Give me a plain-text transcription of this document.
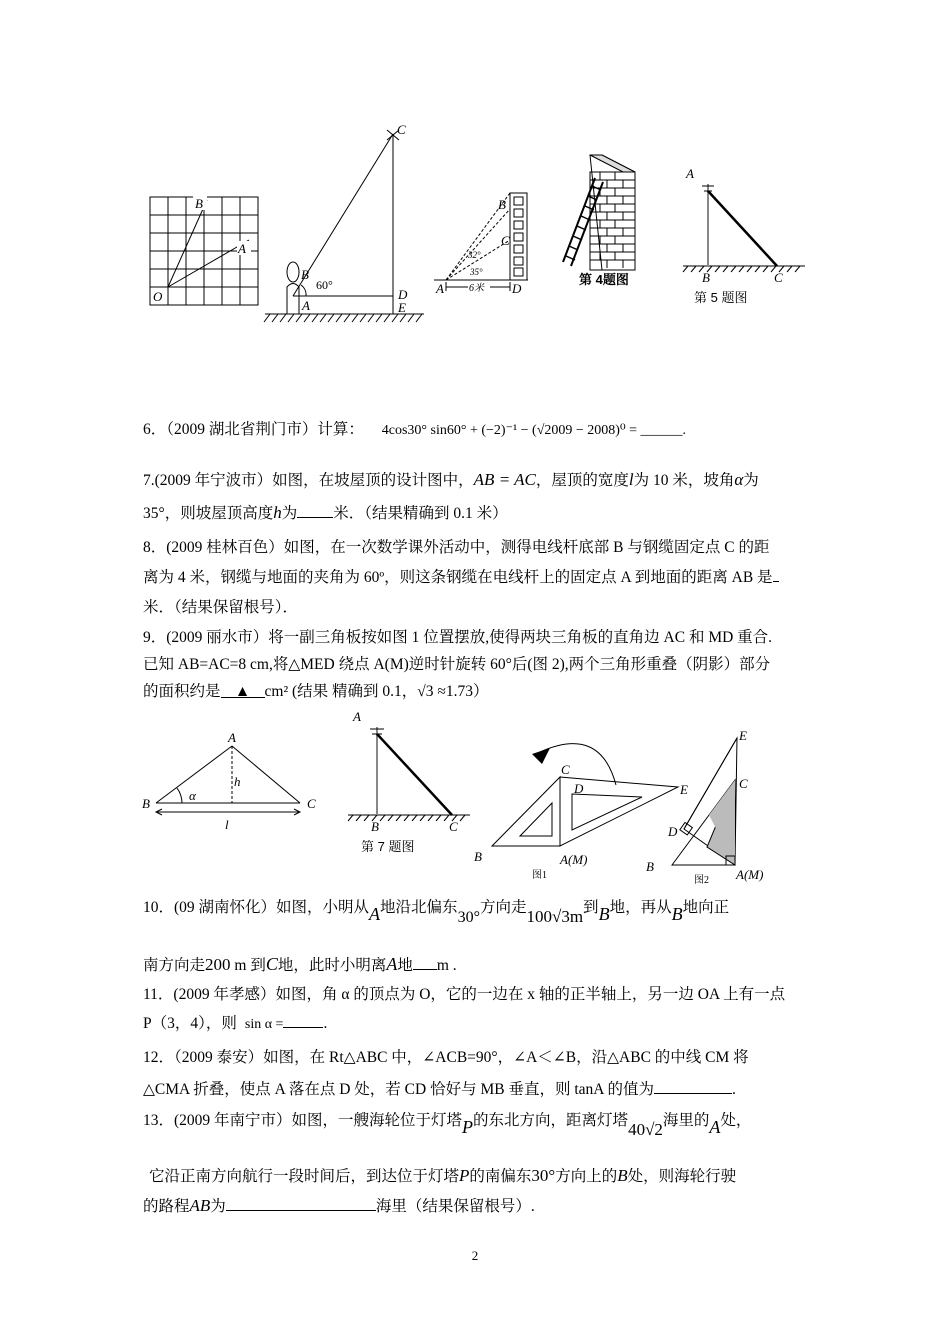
B
A
O
C
B
A
D
E
60°
B
C
A	D
32°
35°
6米
第 4题图
A
B	C
第 5 题图
6．（2009 湖北省荆门市）计算： 4cos30° sin60° + (−2)⁻¹ − (√2009 − 2008)⁰ = ______.
7.(2009 年宁波市）如图，在坡屋顶的设计图中，AB = AC，屋顶的宽度l为 10 米，坡角α为
35°，则坡屋顶高度h为 米．（结果精确到 0.1 米）
8．(2009 桂林百色）如图，在一次数学课外活动中，测得电线杆底部 B 与钢缆固定点 C 的距
离为 4 米，钢缆与地面的夹角为 60º，则这条钢缆在电线杆上的固定点 A 到地面的距离 AB 是
米．（结果保留根号）．
9．(2009 丽水市）将一副三角板按如图 1 位置摆放,使得两块三角板的直角边 AC 和 MD 重合.
已知 AB=AC=8 cm,将△MED 绕点 A(M)逆时针旋转 60°后(图 2),两个三角形重叠（阴影）部分
的面积约是 ▲ cm² (结果 精确到 0.1，√3 ≈1.73）
B
A
C
α
h
l
A
B	C
第 7 题图
C
D	E
B	A(M)
图1
E
C
D
B
A(M)
图2
10．(09 湖南怀化）如图，小明从A地沿北偏东30°方向走100√3m到B地，再从B地向正
南方向走200 m 到C地，此时小明离A地 m .
11．(2009 年孝感）如图，角 α 的顶点为 O，它的一边在 x 轴的正半轴上，另一边 OA 上有一点
P（3，4），则 sin α =	.
12．（2009 泰安）如图，在 Rt△ABC 中，∠ACB=90°，∠A＜∠B，沿△ABC 的中线 CM 将
△CMA 折叠，使点 A 落在点 D 处，若 CD 恰好与 MB 垂直，则 tanA 的值为	.
13．(2009 年南宁市）如图，一艘海轮位于灯塔P的东北方向，距离灯塔40√2海里的A处，
它沿正南方向航行一段时间后，到达位于灯塔P的南偏东30°方向上的B处，则海轮行驶
的路程AB为	海里（结果保留根号）.
2
